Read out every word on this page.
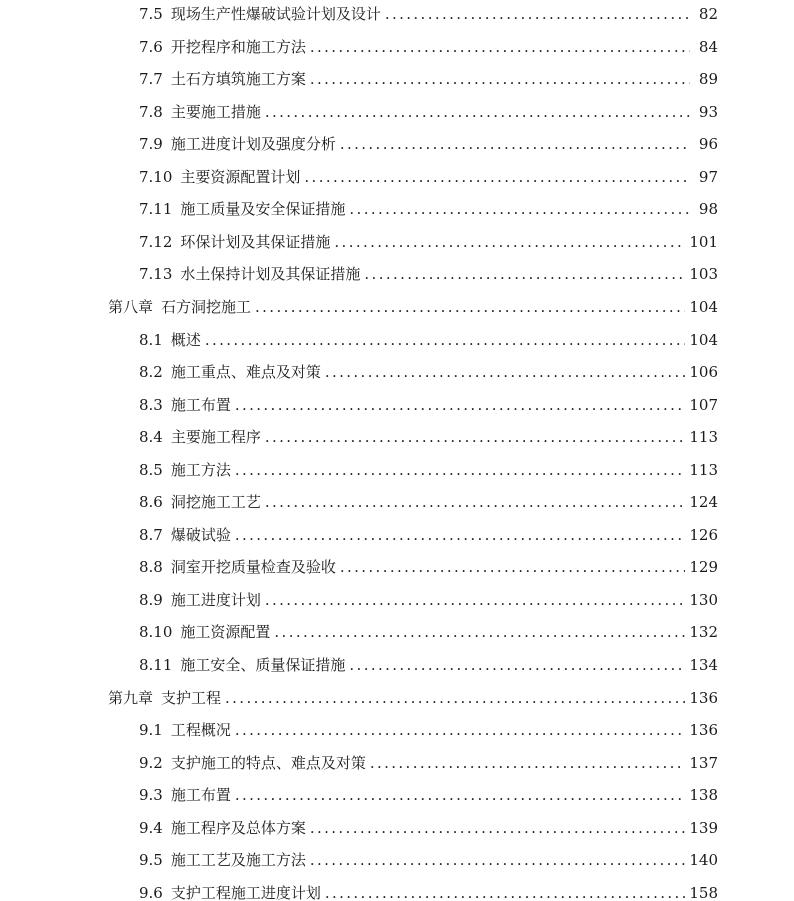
7.5 现场生产性爆破试验计划及设计 . . .	82
7.6 开挖程序和施工方法 . . .	84
7.7 土石方填筑施工方案 . . .	89
7.8 主要施工措施 . . .	93
7.9 施工进度计划及强度分析 . . .	96
7.10 主要资源配置计划 . . .	97
7.11 施工质量及安全保证措施 . . .	98
7.12 环保计划及其保证措施 . . .	101
7.13 水土保持计划及其保证措施 . . .	103
第八章 石方洞挖施工 . . .	104
8.1 概述 . . .	104
8.2 施工重点、难点及对策 . . .	106
8.3 施工布置 . . .	107
8.4 主要施工程序 . . .	113
8.5 施工方法 . . .	113
8.6 洞挖施工工艺 . . .	124
8.7 爆破试验 . . .	126
8.8 洞室开挖质量检查及验收 . . .	129
8.9 施工进度计划 . . .	130
8.10 施工资源配置 . . .	132
8.11 施工安全、质量保证措施 . . .	134
第九章 支护工程 . . .	136
9.1 工程概况 . . .	136
9.2 支护施工的特点、难点及对策 . . .	137
9.3 施工布置 . . .	138
9.4 施工程序及总体方案 . . .	139
9.5 施工工艺及施工方法 . . .	140
9.6 支护工程施工进度计划 . . .	158
